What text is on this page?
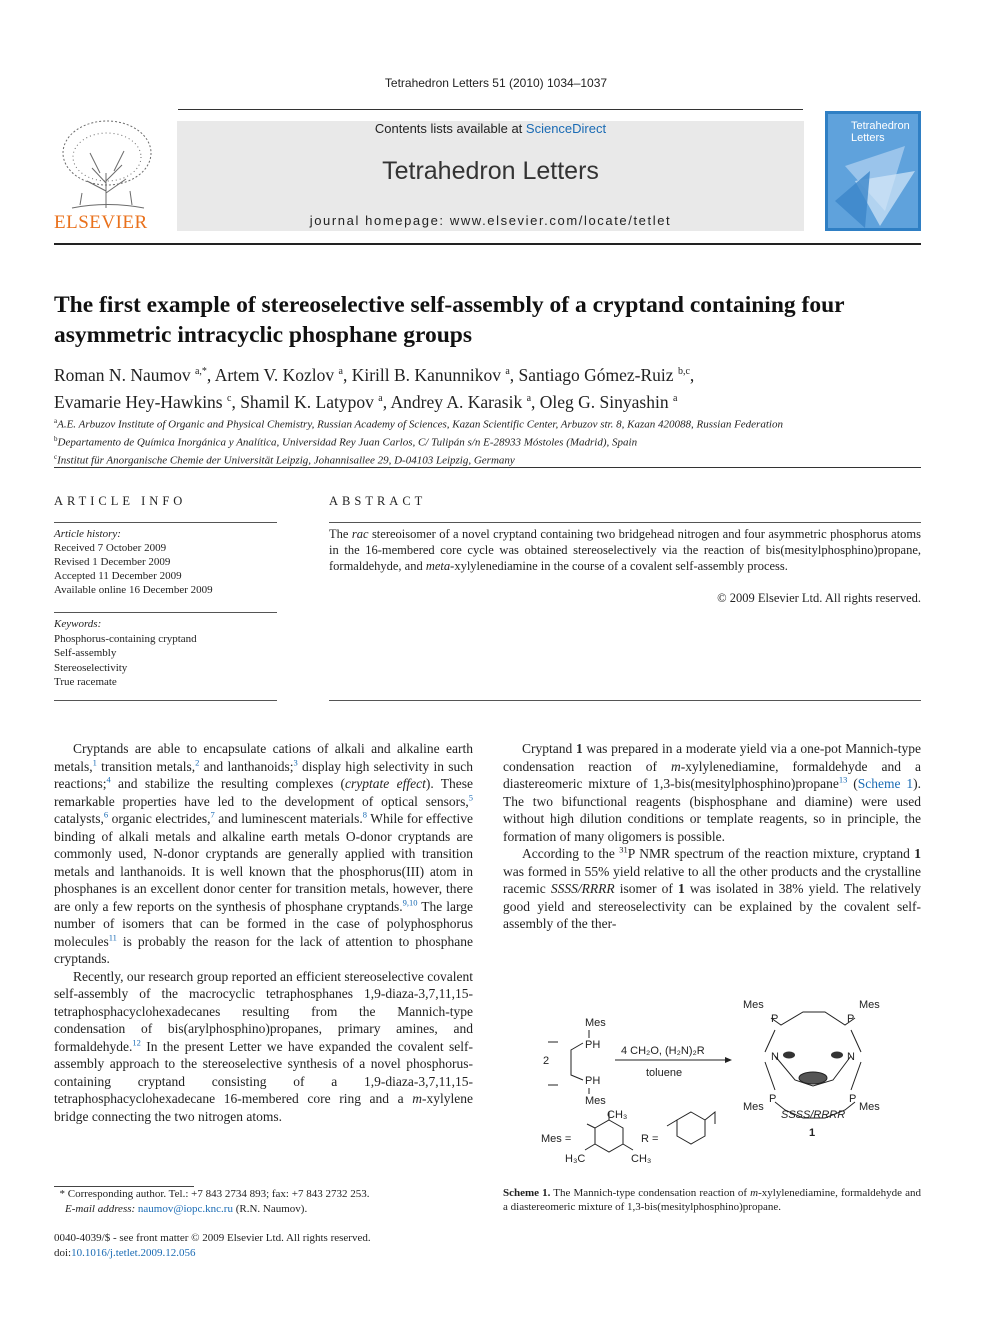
Tetrahedron Letters 51 (2010) 1034–1037
ELSEVIER
Contents lists available at ScienceDirect
Tetrahedron Letters
journal homepage: www.elsevier.com/locate/tetlet
Tetrahedron
Letters
The first example of stereoselective self-assembly of a cryptand containing four asymmetric intracyclic phosphane groups
Roman N. Naumov $^{a,*}$, Artem V. Kozlov $^a$, Kirill B. Kanunnikov $^a$, Santiago Gómez-Ruiz $^{b,c}$,
Evamarie Hey-Hawkins $^c$, Shamil K. Latypov $^a$, Andrey A. Karasik $^a$, Oleg G. Sinyashin $^a$
$^a$A.E. Arbuzov Institute of Organic and Physical Chemistry, Russian Academy of Sciences, Kazan Scientific Center, Arbuzov str. 8, Kazan 420088, Russian Federation
$^b$Departamento de Química Inorgánica y Analítica, Universidad Rey Juan Carlos, C/ Tulipán s/n E-28933 Móstoles (Madrid), Spain
$^c$Institut für Anorganische Chemie der Universität Leipzig, Johannisallee 29, D-04103 Leipzig, Germany
ARTICLE INFO	ABSTRACT
Article history:
Received 7 October 2009
Revised 1 December 2009
Accepted 11 December 2009
Available online 16 December 2009
Keywords:
Phosphorus-containing cryptand
Self-assembly
Stereoselectivity
True racemate
The rac stereoisomer of a novel cryptand containing two bridgehead nitrogen and four asymmetric phosphorus atoms in the 16-membered core cycle was obtained stereoselectively via the reaction of bis(mesitylphosphino)propane, formaldehyde, and meta-xylylenediamine in the course of a covalent self-assembly process.
© 2009 Elsevier Ltd. All rights reserved.

Cryptands are able to encapsulate cations of alkali and alkaline earth metals,$^1$ transition metals,$^2$ and lanthanoids;$^3$ display high selectivity in such reactions;$^4$ and stabilize the resulting complexes (cryptate effect). These remarkable properties have led to the development of optical sensors,$^5$ catalysts,$^6$ organic electrides,$^7$ and luminescent materials.$^8$ While for effective binding of alkali metals and alkaline earth metals O-donor cryptands are commonly used, N-donor cryptands are generally applied with transition metals and lanthanoids. It is well known that the phosphorus(III) atom in phosphanes is an excellent donor center for transition metals, however, there are only a few reports on the synthesis of phosphane cryptands.$^{9,10}$ The large number of isomers that can be formed in the case of polyphosphorus molecules$^{11}$ is probably the reason for the lack of attention to phosphane cryptands.

Recently, our research group reported an efficient stereoselective covalent self-assembly of the macrocyclic tetraphosphanes 1,9-diaza-3,7,11,15-tetraphosphacyclohexadecanes resulting from the Mannich-type condensation of bis(arylphosphino)propanes, primary amines, and formaldehyde.$^{12}$ In the present Letter we have expanded the covalent self-assembly approach to the stereoselective synthesis of a novel phosphorus-containing cryptand consisting of a 1,9-diaza-3,7,11,15-tetraphosphacyclohexadecane 16-membered core ring and a m-xylylene bridge connecting the two nitrogen atoms.

Cryptand 1 was prepared in a moderate yield via a one-pot Mannich-type condensation reaction of m-xylylenediamine, formaldehyde and a diastereomeric mixture of 1,3-bis(mesitylphosphino)propane$^{13}$ (Scheme 1). The two bifunctional reagents (bisphosphane and diamine) were used without high dilution conditions or template reagents, so in principle, the formation of many oligomers is possible.

According to the $^{31}$P NMR spectrum of the reaction mixture, cryptand 1 was formed in 55% yield relative to all the other products and the crystalline racemic SSSS/RRRR isomer of 1 was isolated in 38% yield. The relatively good yield and stereoselectivity can be explained by the covalent self-assembly of the ther-

2
Mes
PH
PH
Mes
4 CH₂O, (H₂N)₂R
toluene
Mes =
CH₃
H₃C	CH₃
R =
Mes	Mes
P	P
N	N
P	P
Mes	Mes
SSSS/RRRR
1
Scheme 1. The Mannich-type condensation reaction of m-xylylenediamine, formaldehyde and a diastereomeric mixture of 1,3-bis(mesitylphosphino)propane.
* Corresponding author. Tel.: +7 843 2734 893; fax: +7 843 2732 253.
E-mail address: naumov@iopc.knc.ru (R.N. Naumov).
0040-4039/$ - see front matter © 2009 Elsevier Ltd. All rights reserved.
doi:10.1016/j.tetlet.2009.12.056
